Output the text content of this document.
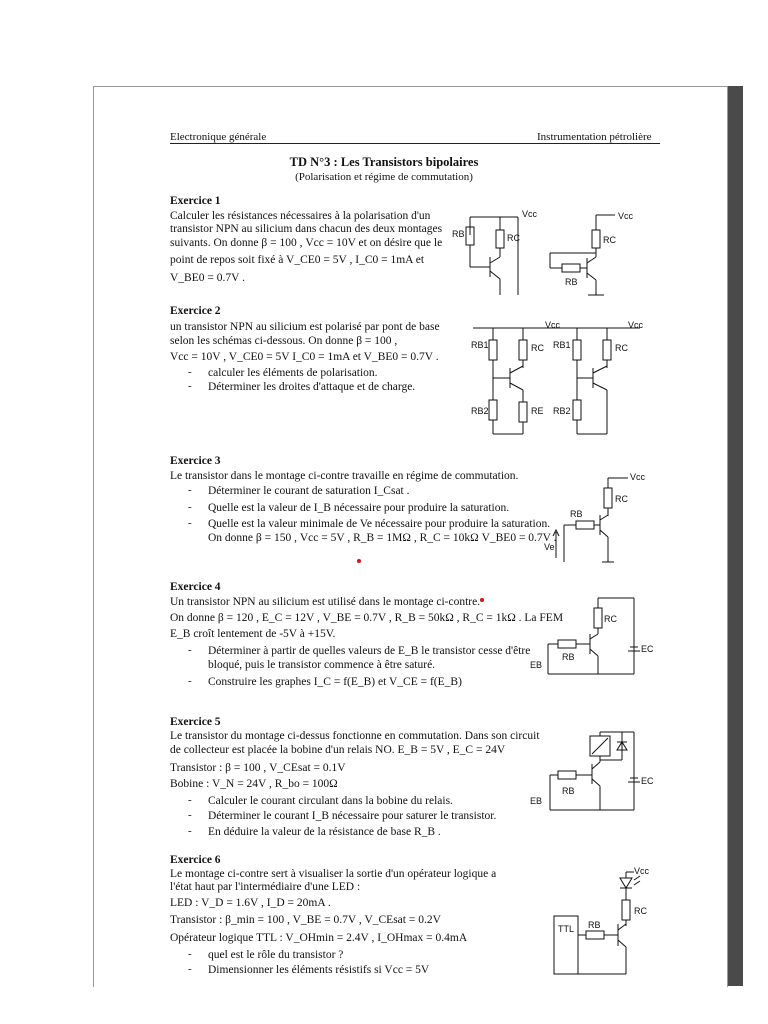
Electronique générale	Instrumentation pétrolière
TD N°3 : Les Transistors bipolaires
(Polarisation et régime de commutation)
Exercice 1
Calculer les résistances nécessaires à la polarisation d'un
transistor NPN au silicium dans chacun des deux montages
suivants. On donne β = 100 , Vcc = 10V et on désire que le
point de repos soit fixé à V_CE0 = 5V , I_C0 = 1mA et
V_BE0 = 0.7V .
Vcc
RB	RC
Vcc
RC
RB
Exercice 2
un transistor NPN au silicium est polarisé par pont de base
selon les schémas ci-dessous. On donne β = 100 ,
Vcc = 10V , V_CE0 = 5V I_C0 = 1mA et V_BE0 = 0.7V .
- calculer les éléments de polarisation.
- Déterminer les droites d'attaque et de charge.
Vcc	Vcc
RB1	RC
RB2	RE
RB1	RC
RB2
Exercice 3
Le transistor dans le montage ci-contre travaille en régime de commutation.
- Déterminer le courant de saturation I_Csat .
- Quelle est la valeur de I_B nécessaire pour produire la saturation.
- Quelle est la valeur minimale de Ve nécessaire pour produire la saturation.
On donne β = 150 , Vcc = 5V , R_B = 1MΩ , R_C = 10kΩ V_BE0 = 0.7V .
Vcc
RC
RB
Ve
Exercice 4
Un transistor NPN au silicium est utilisé dans le montage ci-contre.
On donne β = 120 , E_C = 12V , V_BE = 0.7V , R_B = 50kΩ , R_C = 1kΩ . La FEM
E_B croît lentement de -5V à +15V.
- Déterminer à partir de quelles valeurs de E_B le transistor cesse d'être
bloqué, puis le transistor commence à être saturé.
- Construire les graphes I_C = f(E_B) et V_CE = f(E_B)
RC
RB
EB
EC
Exercice 5
Le transistor du montage ci-dessus fonctionne en commutation. Dans son circuit
de collecteur est placée la bobine d'un relais NO. E_B = 5V , E_C = 24V
Transistor : β = 100 , V_CEsat = 0.1V
Bobine : V_N = 24V , R_bo = 100Ω
- Calculer le courant circulant dans la bobine du relais.
- Déterminer le courant I_B nécessaire pour saturer le transistor.
- En déduire la valeur de la résistance de base R_B .
RB
EB
EC
Exercice 6
Le montage ci-contre sert à visualiser la sortie d'un opérateur logique a
l'état haut par l'intermédiaire d'une LED :
LED : V_D = 1.6V , I_D = 20mA .
Transistor : β_min = 100 , V_BE = 0.7V , V_CEsat = 0.2V
Opérateur logique TTL : V_OHmin = 2.4V , I_OHmax = 0.4mA
- quel est le rôle du transistor ?
- Dimensionner les éléments résistifs si Vcc = 5V
Vcc
RC
RB
TTL
